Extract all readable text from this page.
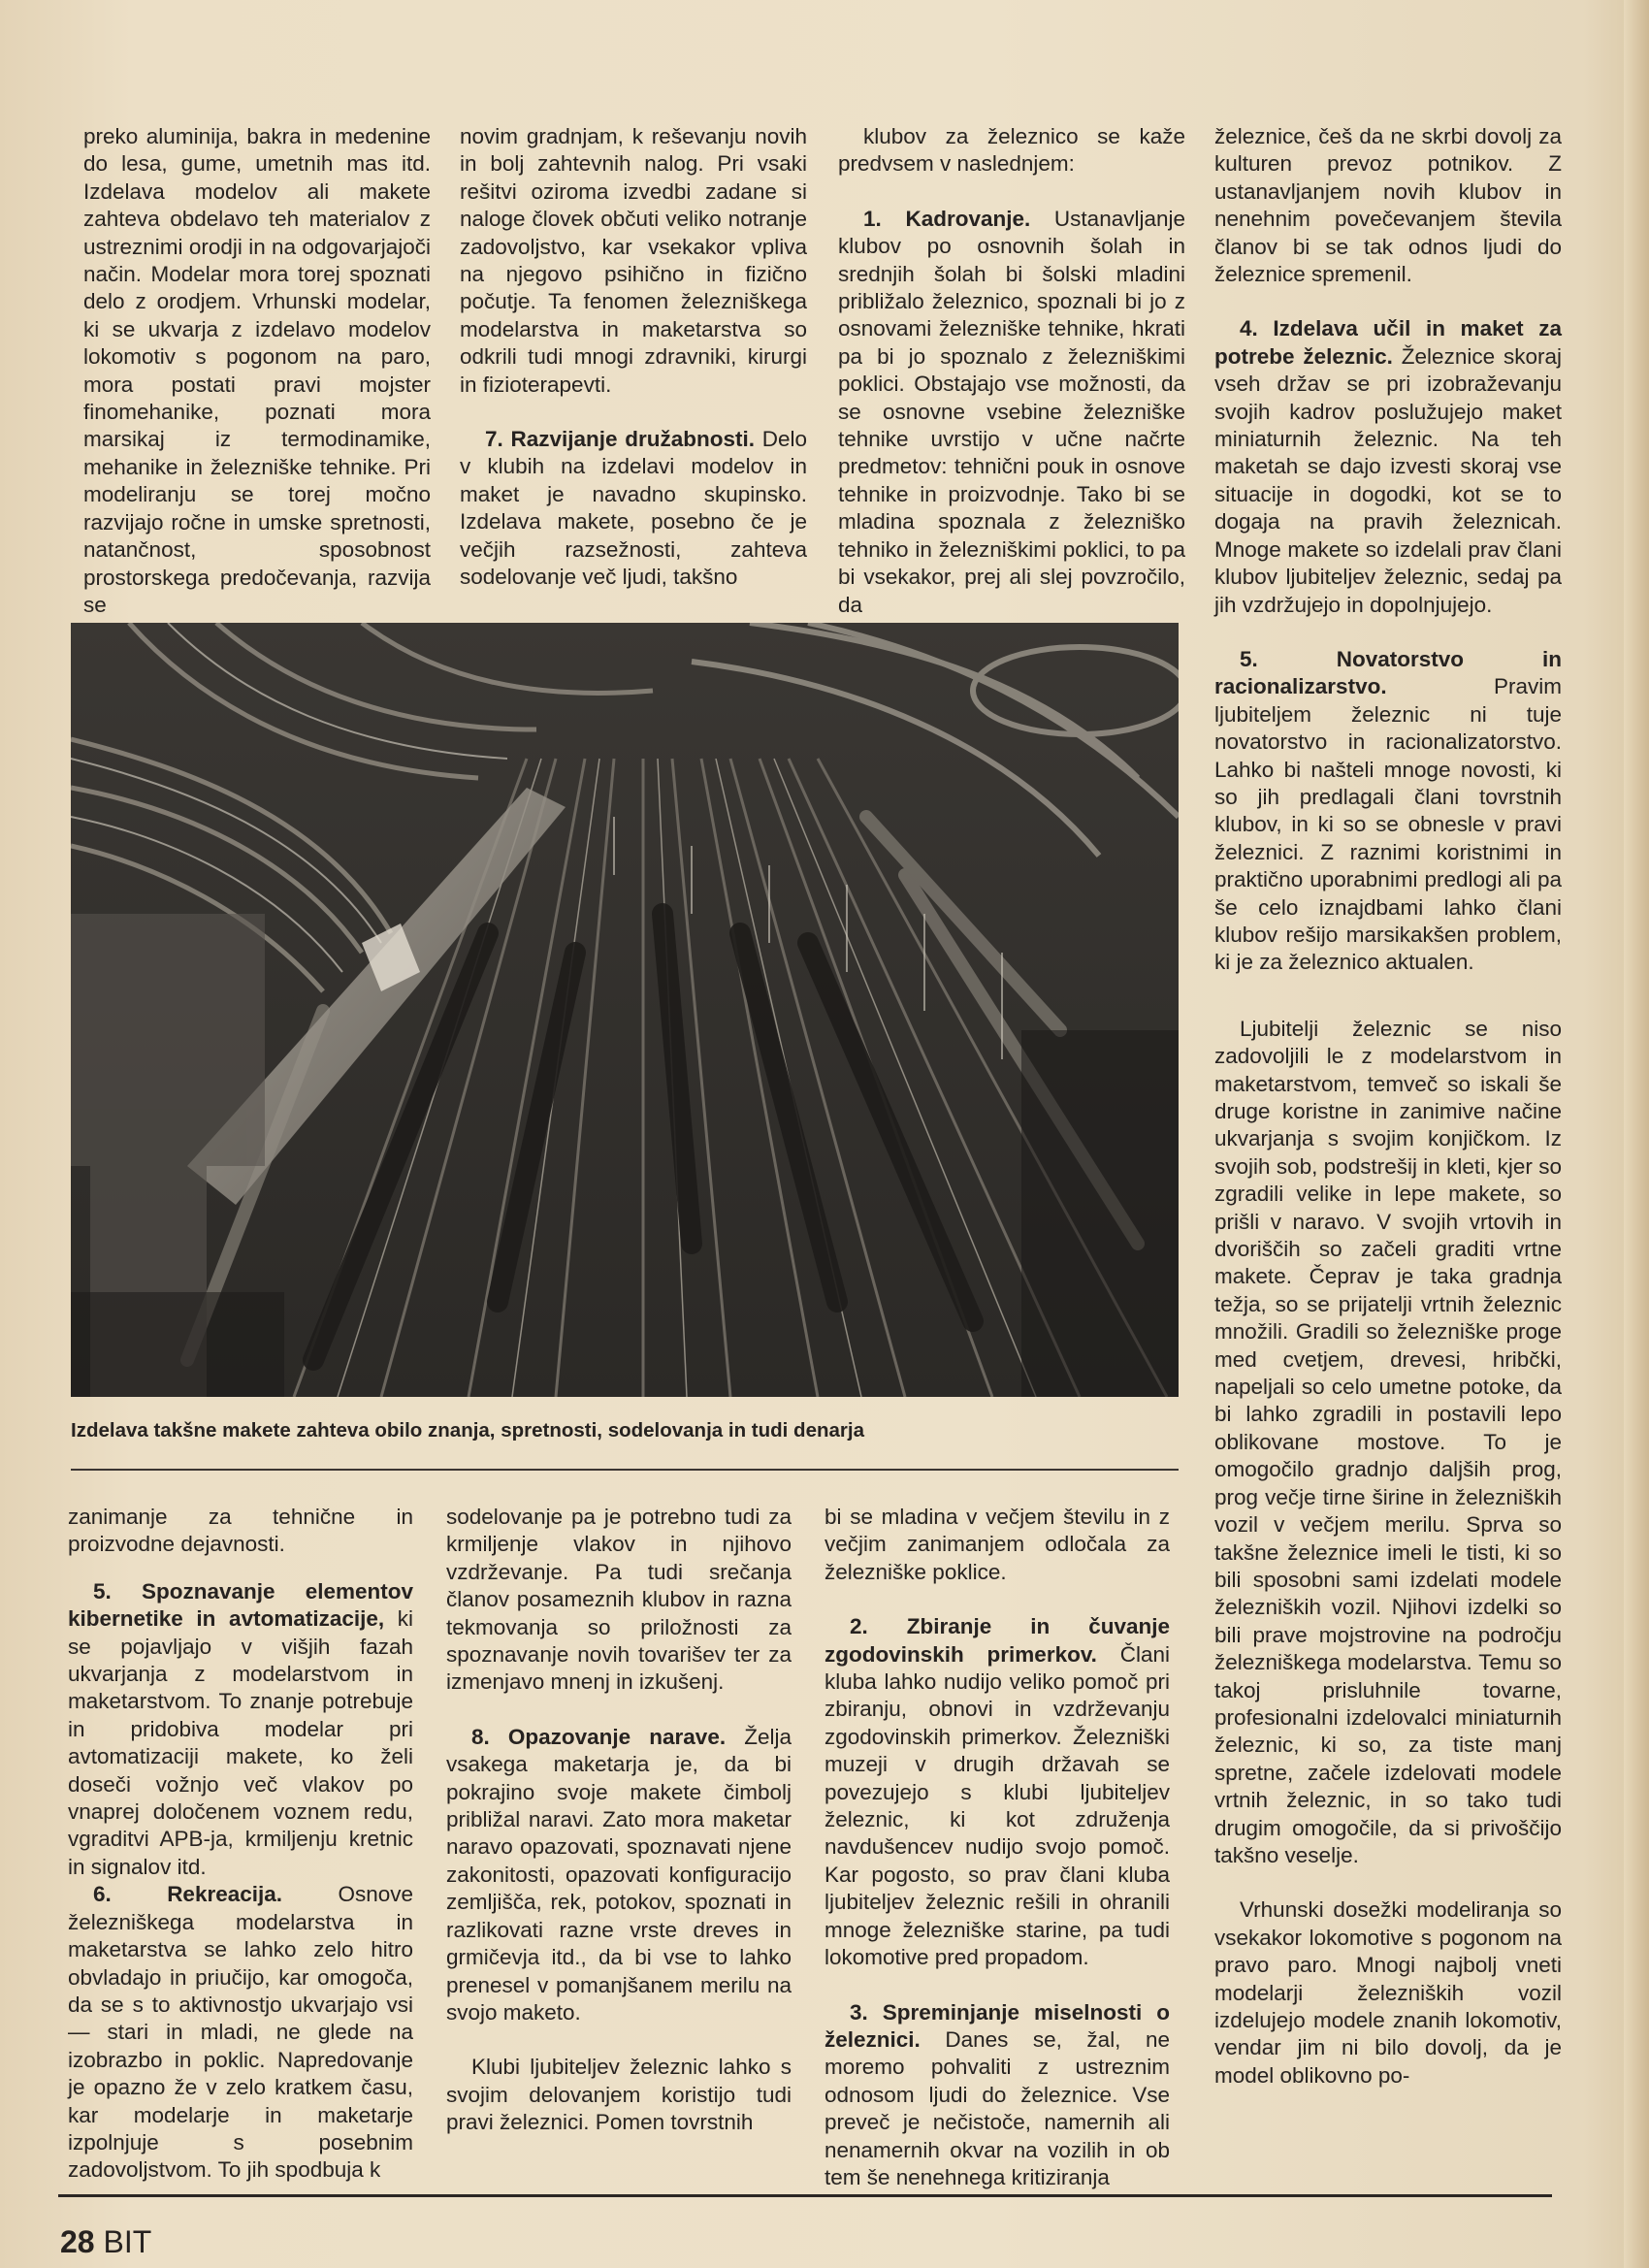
preko aluminija, bakra in medenine do lesa, gume, umetnih mas itd. Izdelava modelov ali makete zahteva obdelavo teh materialov z ustreznimi orodji in na odgovarjajoči način. Modelar mora torej spoznati delo z orodjem. Vrhunski modelar, ki se ukvarja z izdelavo modelov lokomotiv s pogonom na paro, mora postati pravi mojster finomehanike, poznati mora marsikaj iz termodinamike, mehanike in železniške tehnike. Pri modeliranju se torej močno razvijajo ročne in umske spretnosti, natančnost, sposobnost prostorskega predočevanja, razvija se

novim gradnjam, k reševanju novih in bolj zahtevnih nalog. Pri vsaki rešitvi oziroma izvedbi zadane si naloge človek občuti veliko notranje zadovoljstvo, kar vsekakor vpliva na njegovo psihično in fizično počutje. Ta fenomen železniškega modelarstva in maketarstva so odkrili tudi mnogi zdravniki, kirurgi in fizioterapevti.

7. Razvijanje družabnosti. Delo v klubih na izdelavi modelov in maket je navadno skupinsko. Izdelava makete, posebno če je večjih razsežnosti, zahteva sodelovanje več ljudi, takšno

klubov za železnico se kaže predvsem v naslednjem:

1. Kadrovanje. Ustanavljanje klubov po osnovnih šolah in srednjih šolah bi šolski mladini približalo železnico, spoznali bi jo z osnovami železniške tehnike, hkrati pa bi jo spoznalo z železniškimi poklici. Obstajajo vse možnosti, da se osnovne vsebine železniške tehnike uvrstijo v učne načrte predmetov: tehnični pouk in osnove tehnike in proizvodnje. Tako bi se mladina spoznala z železniško tehniko in železniškimi poklici, to pa bi vsekakor, prej ali slej povzročilo, da

železnice, češ da ne skrbi dovolj za kulturen prevoz potnikov. Z ustanavljanjem novih klubov in nenehnim povečevanjem števila članov bi se tak odnos ljudi do železnice spremenil.

4. Izdelava učil in maket za potrebe železnic. Železnice skoraj vseh držav se pri izobraževanju svojih kadrov poslužujejo maket miniaturnih železnic. Na teh maketah se dajo izvesti skoraj vse situacije in dogodki, kot se to dogaja na pravih železnicah. Mnoge makete so izdelali prav člani klubov ljubiteljev železnic, sedaj pa jih vzdržujejo in dopolnjujejo.

5. Novatorstvo in racionalizarstvo. Pravim ljubiteljem železnic ni tuje novatorstvo in racionalizatorstvo. Lahko bi našteli mnoge novosti, ki so jih predlagali člani tovrstnih klubov, in ki so se obnesle v pravi železnici. Z raznimi koristnimi in praktično uporabnimi predlogi ali pa še celo iznajdbami lahko člani klubov rešijo marsikakšen problem, ki je za železnico aktualen.

Ljubitelji železnic se niso zadovoljili le z modelarstvom in maketarstvom, temveč so iskali še druge koristne in zanimive načine ukvarjanja s svojim konjičkom. Iz svojih sob, podstrešij in kleti, kjer so zgradili velike in lepe makete, so prišli v naravo. V svojih vrtovih in dvoriščih so začeli graditi vrtne makete. Čeprav je taka gradnja težja, so se prijatelji vrtnih železnic množili. Gradili so železniške proge med cvetjem, drevesi, hribčki, napeljali so celo umetne potoke, da bi lahko zgradili in postavili lepo oblikovane mostove. To je omogočilo gradnjo daljših prog, prog večje tirne širine in železniških vozil v večjem merilu. Sprva so takšne železnice imeli le tisti, ki so bili sposobni sami izdelati modele železniških vozil. Njihovi izdelki so bili prave mojstrovine na področju železniškega modelarstva. Temu so takoj prisluhnile tovarne, profesionalni izdelovalci miniaturnih železnic, ki so, za tiste manj spretne, začele izdelovati modele vrtnih železnic, in so tako tudi drugim omogočile, da si privoščijo takšno veselje.

Vrhunski dosežki modeliranja so vsekakor lokomotive s pogonom na pravo paro. Mnogi najbolj vneti modelarji železniških vozil izdelujejo modele znanih lokomotiv, vendar jim ni bilo dovolj, da je model oblikovno po-

Izdelava takšne makete zahteva obilo znanja, spretnosti, sodelovanja in tudi denarja

zanimanje za tehnične in proizvodne dejavnosti.

5. Spoznavanje elementov kibernetike in avtomatizacije, ki se pojavljajo v višjih fazah ukvarjanja z modelarstvom in maketarstvom. To znanje potrebuje in pridobiva modelar pri avtomatizaciji makete, ko želi doseči vožnjo več vlakov po vnaprej določenem voznem redu, vgraditvi APB-ja, krmiljenju kretnic in signalov itd.

6. Rekreacija. Osnove železniškega modelarstva in maketarstva se lahko zelo hitro obvladajo in priučijo, kar omogoča, da se s to aktivnostjo ukvarjajo vsi — stari in mladi, ne glede na izobrazbo in poklic. Napredovanje je opazno že v zelo kratkem času, kar modelarje in maketarje izpolnjuje s posebnim zadovoljstvom. To jih spodbuja k

sodelovanje pa je potrebno tudi za krmiljenje vlakov in njihovo vzdrževanje. Pa tudi srečanja članov posameznih klubov in razna tekmovanja so priložnosti za spoznavanje novih tovarišev ter za izmenjavo mnenj in izkušenj.

8. Opazovanje narave. Želja vsakega maketarja je, da bi pokrajino svoje makete čimbolj približal naravi. Zato mora maketar naravo opazovati, spoznavati njene zakonitosti, opazovati konfiguracijo zemljišča, rek, potokov, spoznati in razlikovati razne vrste dreves in grmičevja itd., da bi vse to lahko prenesel v pomanjšanem merilu na svojo maketo.

Klubi ljubiteljev železnic lahko s svojim delovanjem koristijo tudi pravi železnici. Pomen tovrstnih

bi se mladina v večjem številu in z večjim zanimanjem odločala za železniške poklice.

2. Zbiranje in čuvanje zgodovinskih primerkov. Člani kluba lahko nudijo veliko pomoč pri zbiranju, obnovi in vzdrževanju zgodovinskih primerkov. Železniški muzeji v drugih državah se povezujejo s klubi ljubiteljev železnic, ki kot združenja navdušencev nudijo svojo pomoč. Kar pogosto, so prav člani kluba ljubiteljev železnic rešili in ohranili mnoge železniške starine, pa tudi lokomotive pred propadom.

3. Spreminjanje miselnosti o železnici. Danes se, žal, ne moremo pohvaliti z ustreznim odnosom ljudi do železnice. Vse preveč je nečistoče, namernih ali nenamernih okvar na vozilih in ob tem še nenehnega kritiziranja

28 BIT
